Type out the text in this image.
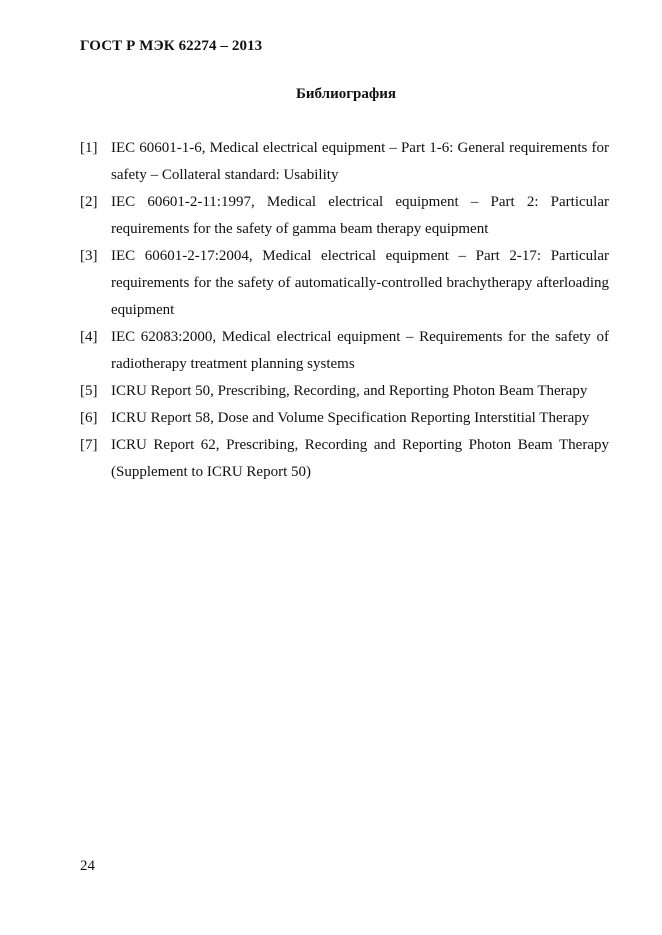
ГОСТ Р МЭК 62274 – 2013
Библиография
[1] IEC 60601-1-6, Medical electrical equipment – Part 1-6: General requirements for safety – Collateral standard: Usability
[2] IEC 60601-2-11:1997, Medical electrical equipment – Part 2: Particular requirements for the safety of gamma beam therapy equipment
[3] IEC 60601-2-17:2004, Medical electrical equipment – Part 2-17: Particular requirements for the safety of automatically-controlled brachytherapy afterloading equipment
[4] IEC 62083:2000, Medical electrical equipment – Requirements for the safety of radiotherapy treatment planning systems
[5] ICRU Report 50, Prescribing, Recording, and Reporting Photon Beam Therapy
[6] ICRU Report 58, Dose and Volume Specification Reporting Interstitial Therapy
[7] ICRU Report 62, Prescribing, Recording and Reporting Photon Beam Therapy (Supplement to ICRU Report 50)
24
